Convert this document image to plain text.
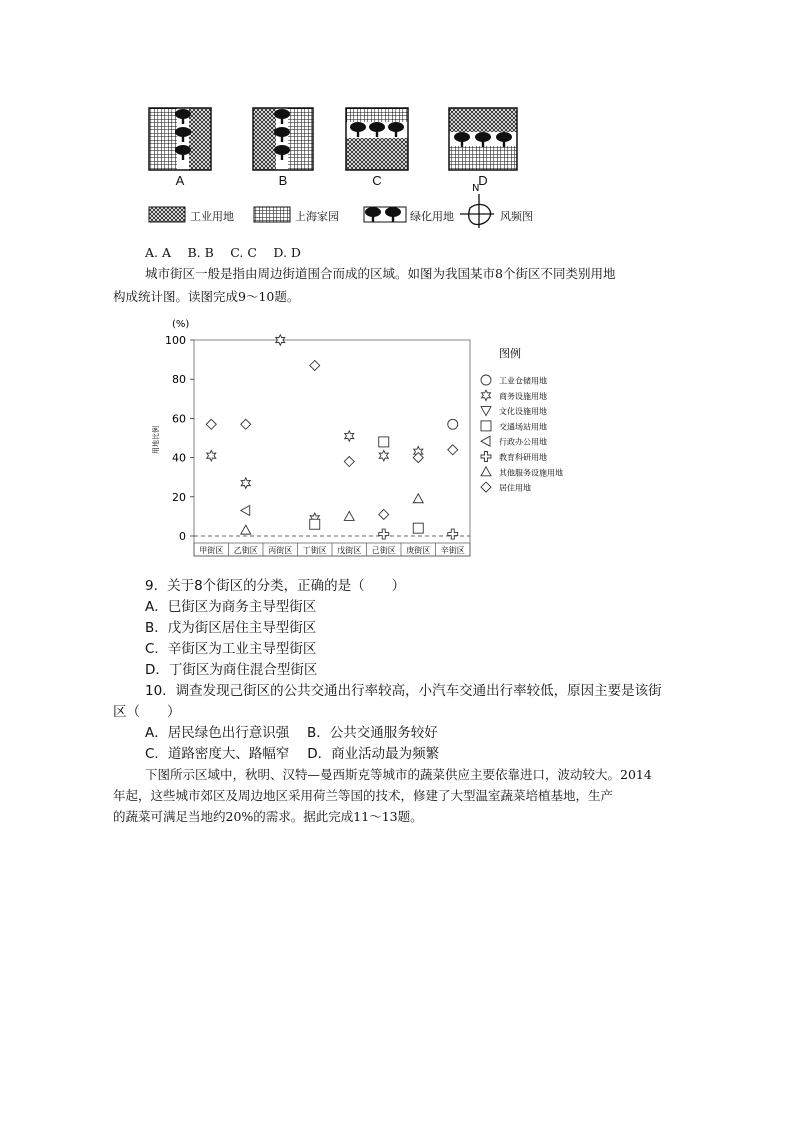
A	B	C	D
N
工业用地	上海家园	绿化用地	风频图
A. A　 B. B　 C. C　 D. D
城市街区一般是指由周边街道围合而成的区域。如图为我国某市8个街区不同类别用地
构成统计图。读图完成9～10题。
(%)
用地比例
0
20
40
60
80
100
甲街区 乙街区 丙街区 丁街区 戊街区 己街区 庚街区 辛街区
图例
工业仓储用地
商务设施用地
文化设施用地
交通场站用地
行政办公用地
教育科研用地
其他服务设施用地
居住用地
9．关于8个街区的分类，正确的是（　　）
A．巳街区为商务主导型街区
B．戊为街区居住主导型街区
C．辛街区为工业主导型街区
D．丁街区为商住混合型街区
10．调查发现己街区的公共交通出行率较高，小汽车交通出行率较低，原因主要是该街
区（　　）
A．居民绿色出行意识强　 B．公共交通服务较好
C．道路密度大、路幅窄　 D．商业活动最为频繁
下图所示区域中，秋明、汉特—曼西斯克等城市的蔬菜供应主要依靠进口，波动较大。2014
年起，这些城市郊区及周边地区采用荷兰等国的技术，修建了大型温室蔬菜培植基地，生产
的蔬菜可满足当地约20%的需求。据此完成11～13题。
